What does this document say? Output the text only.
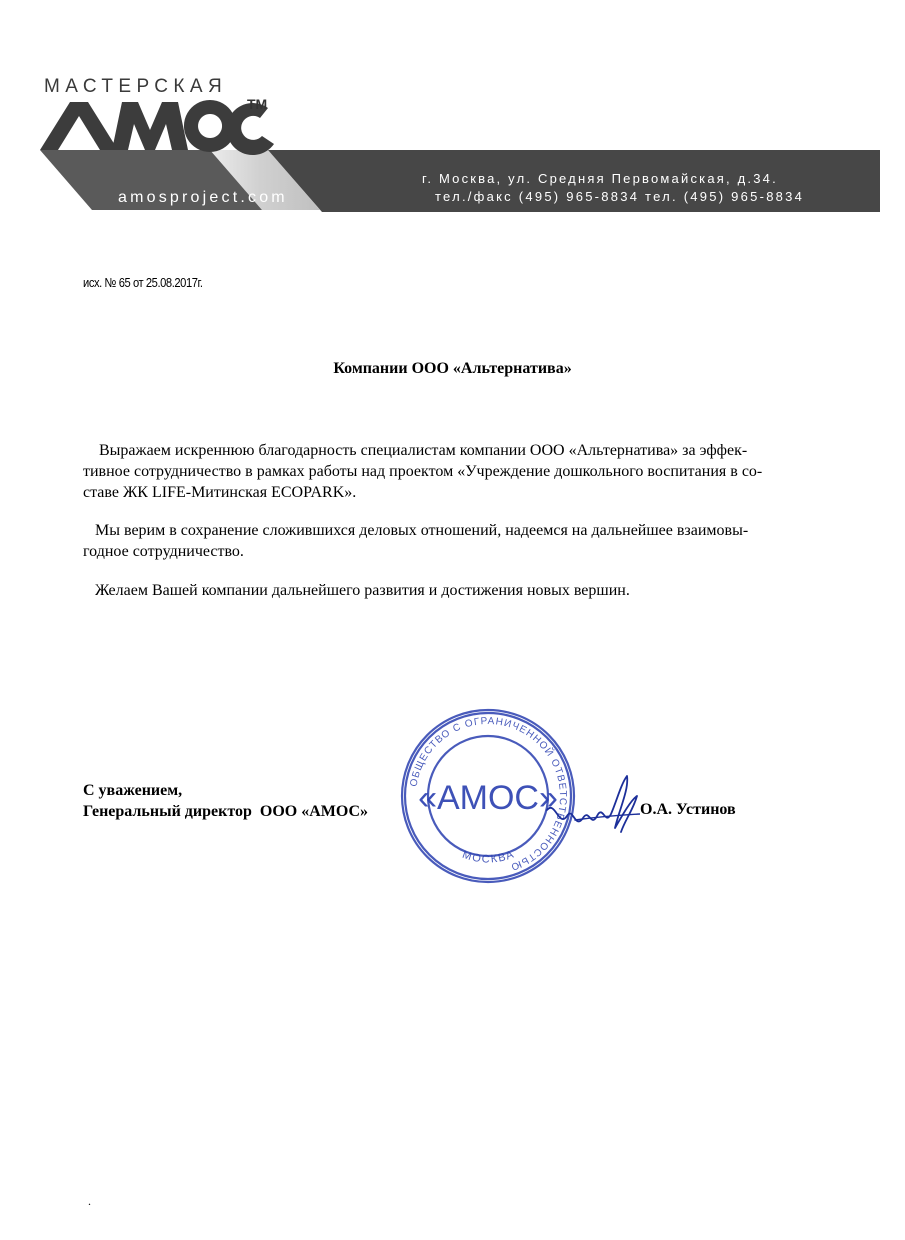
МАСТЕРСКАЯ
TM
amosproject.com
г. Москва, ул. Средняя Первомайская, д.34.
тел./факс (495) 965-8834 тел. (495) 965-8834
исх. № 65 от 25.08.2017г.
Компании ООО «Альтернатива»
Выражаем искреннюю благодарность специалистам компании ООО «Альтернатива» за эффек-
тивное сотрудничество в рамках работы над проектом «Учреждение дошкольного воспитания в со-
ставе ЖК LIFE-Митинская ECOPARK».
Мы верим в сохранение сложившихся деловых отношений, надеемся на дальнейшее взаимовы-
годное сотрудничество.
Желаем Вашей компании дальнейшего развития и достижения новых вершин.
С уважением,
Генеральный директор  ООО «АМОС»
ОБЩЕСТВО С ОГРАНИЧЕННОЙ ОТВЕТСТВЕННОСТЬЮ
МОСКВА
«АМОС»	О.А. Устинов
.
